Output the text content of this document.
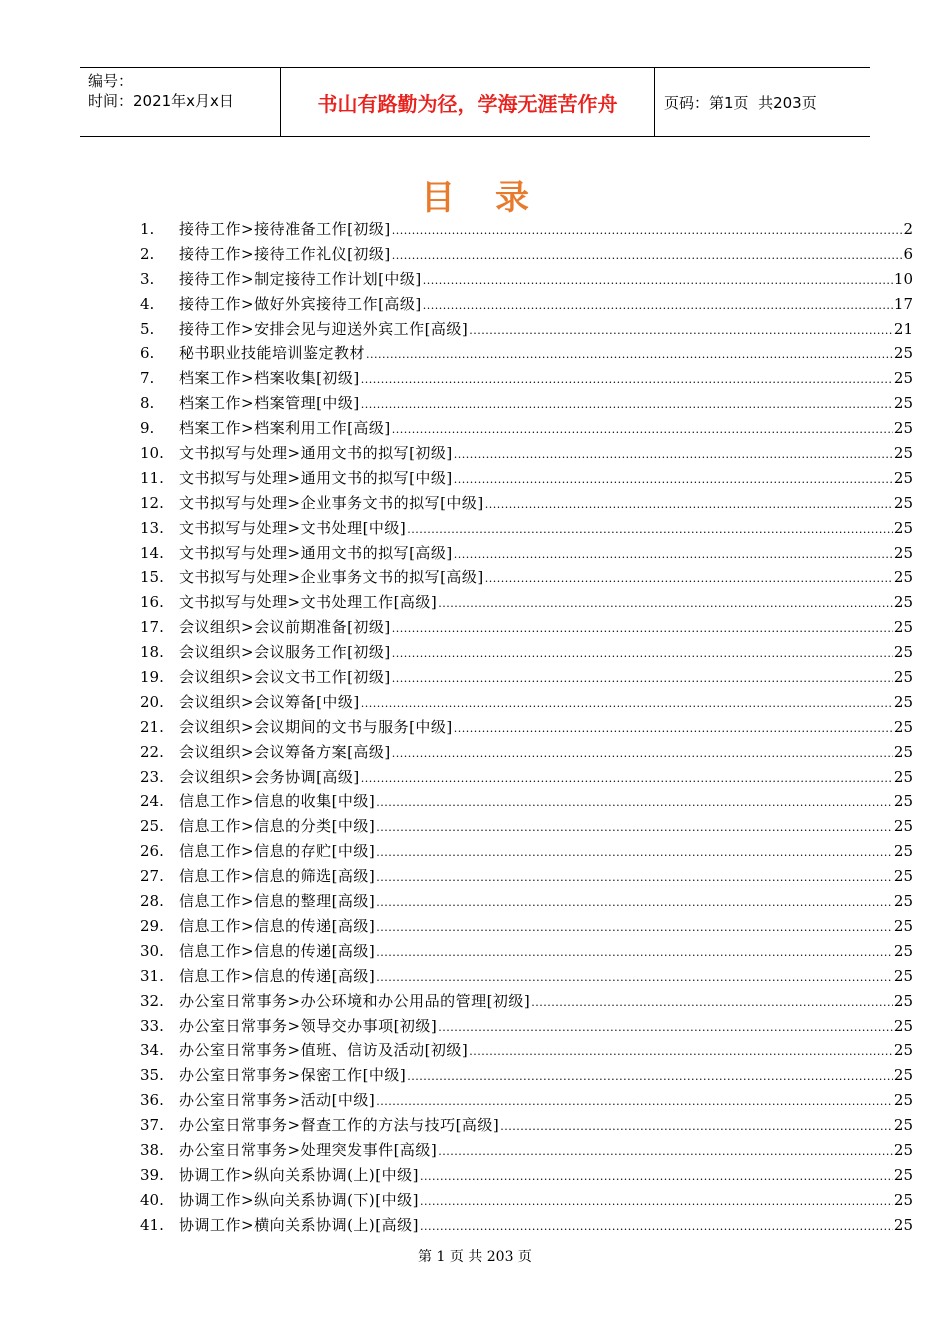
编号：
时间：2021年x月x日	书山有路勤为径，学海无涯苦作舟	页码：第1页  共203页
目录
1.	接待工作>接待准备工作[初级] .....	2
2.	接待工作>接待工作礼仪[初级] .....	6
3.	接待工作>制定接待工作计划[中级] .....	10
4.	接待工作>做好外宾接待工作[高级] .....	17
5.	接待工作>安排会见与迎送外宾工作[高级] .....	21
6.	秘书职业技能培训鉴定教材 .....	25
7.	档案工作>档案收集[初级] .....	25
8.	档案工作>档案管理[中级] .....	25
9.	档案工作>档案利用工作[高级] .....	25
10.	文书拟写与处理>通用文书的拟写[初级] .....	25
11.	文书拟写与处理>通用文书的拟写[中级] .....	25
12.	文书拟写与处理>企业事务文书的拟写[中级] .....	25
13.	文书拟写与处理>文书处理[中级] .....	25
14.	文书拟写与处理>通用文书的拟写[高级] .....	25
15.	文书拟写与处理>企业事务文书的拟写[高级] .....	25
16.	文书拟写与处理>文书处理工作[高级] .....	25
17.	会议组织>会议前期准备[初级] .....	25
18.	会议组织>会议服务工作[初级] .....	25
19.	会议组织>会议文书工作[初级] .....	25
20.	会议组织>会议筹备[中级] .....	25
21.	会议组织>会议期间的文书与服务[中级] .....	25
22.	会议组织>会议筹备方案[高级] .....	25
23.	会议组织>会务协调[高级] .....	25
24.	信息工作>信息的收集[中级] .....	25
25.	信息工作>信息的分类[中级] .....	25
26.	信息工作>信息的存贮[中级] .....	25
27.	信息工作>信息的筛选[高级] .....	25
28.	信息工作>信息的整理[高级] .....	25
29.	信息工作>信息的传递[高级] .....	25
30.	信息工作>信息的传递[高级] .....	25
31.	信息工作>信息的传递[高级] .....	25
32.	办公室日常事务>办公环境和办公用品的管理[初级] .....	25
33.	办公室日常事务>领导交办事项[初级] .....	25
34.	办公室日常事务>值班、信访及活动[初级] .....	25
35.	办公室日常事务>保密工作[中级] .....	25
36.	办公室日常事务>活动[中级] .....	25
37.	办公室日常事务>督查工作的方法与技巧[高级] .....	25
38.	办公室日常事务>处理突发事件[高级] .....	25
39.	协调工作>纵向关系协调(上)[中级] .....	25
40.	协调工作>纵向关系协调(下)[中级] .....	25
41.	协调工作>横向关系协调(上)[高级] .....	25
第 1 页 共 203 页
